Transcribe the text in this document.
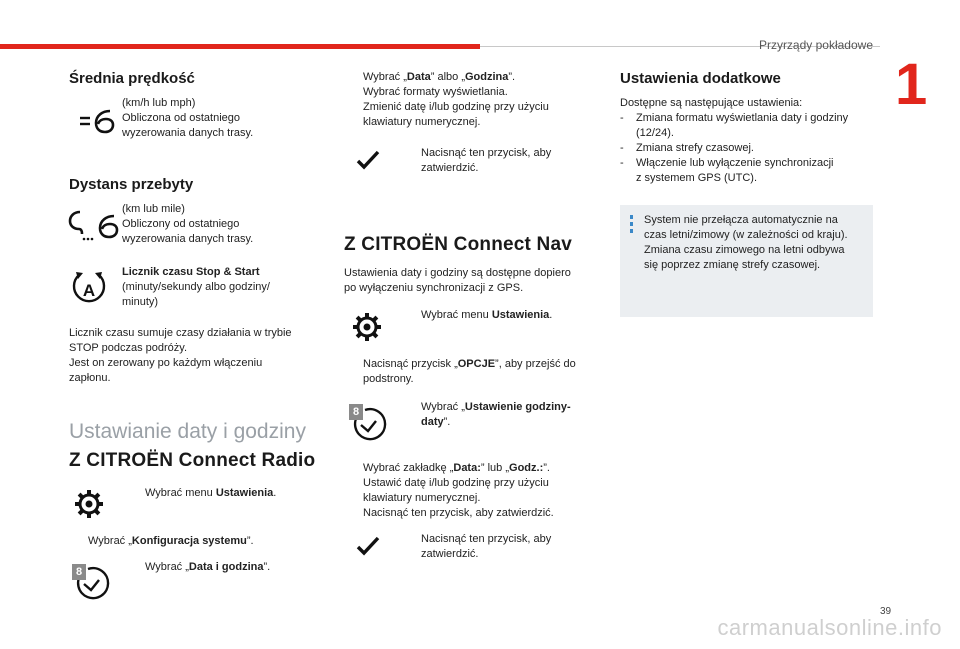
Przyrządy pokładowe
1
39
carmanualsonline.info
Średnia prędkość
(km/h lub mph)
Obliczona od ostatniego
wyzerowania danych trasy.
Dystans przebyty
(km lub mile)
Obliczony od ostatniego
wyzerowania danych trasy.
A
Licznik czasu Stop & Start
(minuty/sekundy albo godziny/
minuty)
Licznik czasu sumuje czasy działania w trybie
STOP podczas podróży.
Jest on zerowany po każdym włączeniu
zapłonu.
Ustawianie daty i godziny
Z CITROËN Connect Radio
Wybrać menu Ustawienia.
Wybrać „Konfiguracja systemu”.
8	Wybrać „Data i godzina”.
Wybrać „Data” albo „Godzina”.
Wybrać formaty wyświetlania.
Zmienić datę i/lub godzinę przy użyciu
klawiatury numerycznej.
Nacisnąć ten przycisk, aby
zatwierdzić.
Z CITROËN Connect Nav
Ustawienia daty i godziny są dostępne dopiero
po wyłączeniu synchronizacji z GPS.
Wybrać menu Ustawienia.
Nacisnąć przycisk „OPCJE”, aby przejść do
podstrony.
8	Wybrać „Ustawienie godziny-
daty”.
Wybrać zakładkę „Data:” lub „Godz.:”.
Ustawić datę i/lub godzinę przy użyciu
klawiatury numerycznej.
Nacisnąć ten przycisk, aby zatwierdzić.
Nacisnąć ten przycisk, aby
zatwierdzić.
Ustawienia dodatkowe
Dostępne są następujące ustawienia:
- Zmiana formatu wyświetlania daty i godziny
(12/24).
- Zmiana strefy czasowej.
- Włączenie lub wyłączenie synchronizacji
z systemem GPS (UTC).
System nie przełącza automatycznie na
czas letni/zimowy (w zależności od kraju).
Zmiana czasu zimowego na letni odbywa
się poprzez zmianę strefy czasowej.
